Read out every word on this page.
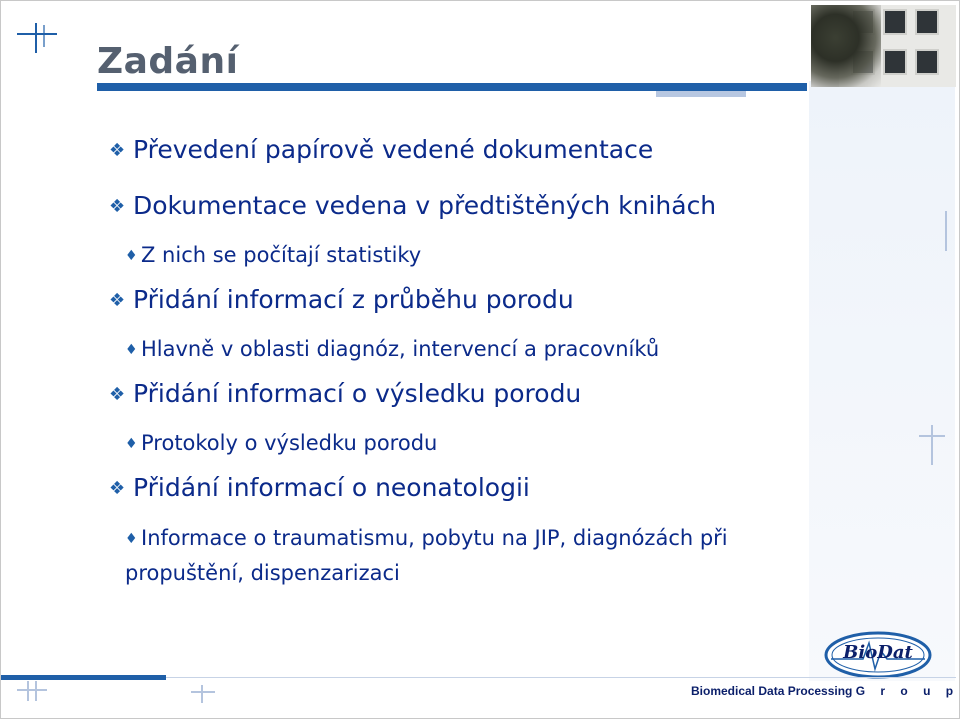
Zadání
❖ Převedení papírově vedené dokumentace
❖ Dokumentace vedena v předtištěných knihách
♦ Z nich se počítají statistiky
❖ Přidání informací z průběhu porodu
♦ Hlavně v oblasti diagnóz, intervencí a pracovníků
❖ Přidání informací o výsledku porodu
♦ Protokoly o výsledku porodu
❖ Přidání informací o neonatologii
♦ Informace o traumatismu, pobytu na JIP, diagnózách při propuštění, dispenzarizaci
BioDat
Biomedical Data Processing G r o u p
